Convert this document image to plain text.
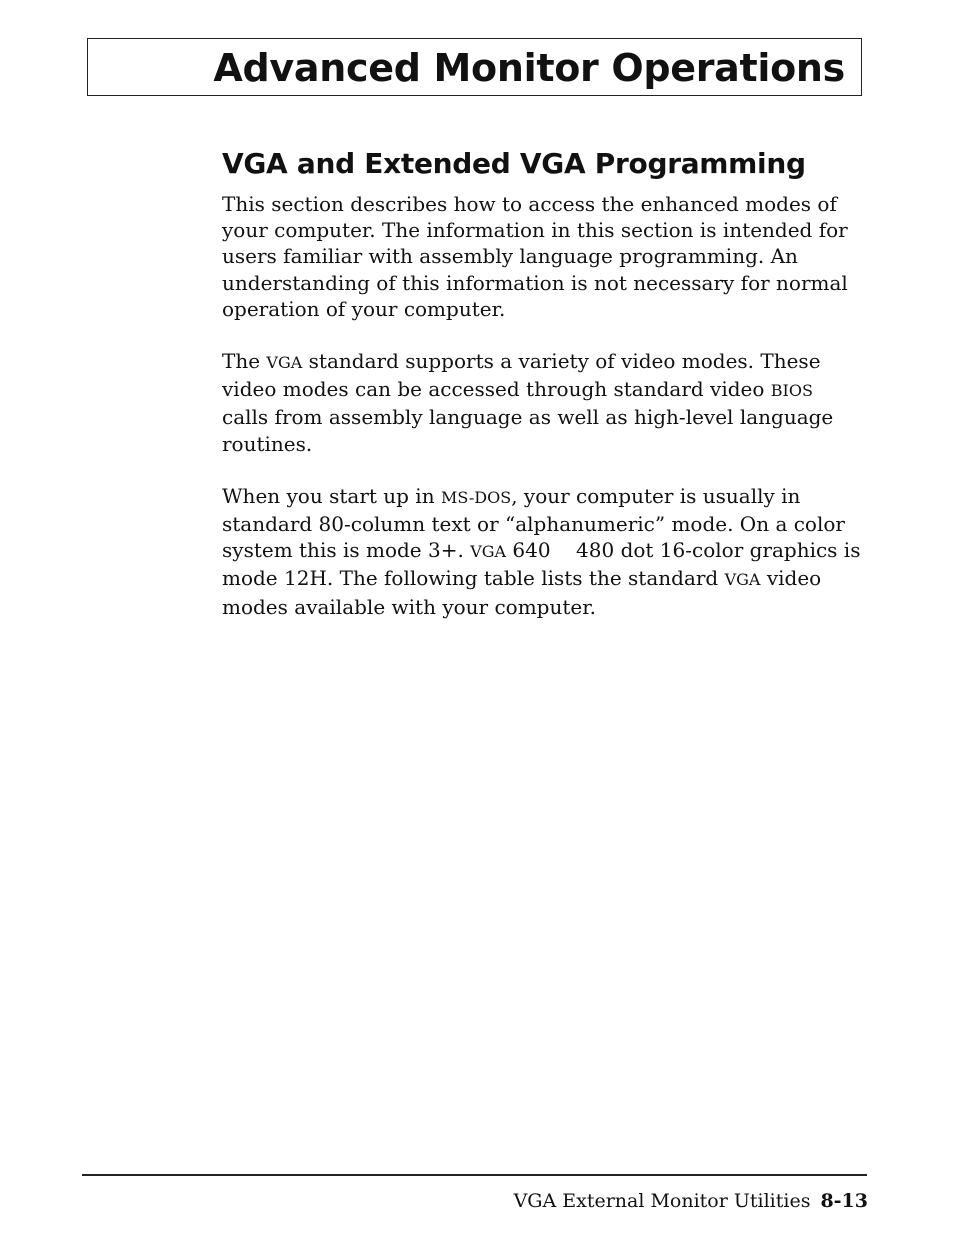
Advanced Monitor Operations
VGA and Extended VGA Programming

This section describes how to access the enhanced modes of your computer. The information in this section is intended for users familiar with assembly language programming. An understanding of this information is not necessary for normal operation of your computer.

The VGA standard supports a variety of video modes. These video modes can be accessed through standard video BIOS calls from assembly language as well as high-level language routines.

When you start up in MS-DOS, your computer is usually in standard 80-column text or “alphanumeric” mode. On a color system this is mode 3+. VGA 640    480 dot 16-color graphics is mode 12H. The following table lists the standard VGA video modes available with your computer.

VGA External Monitor Utilities 8-13
